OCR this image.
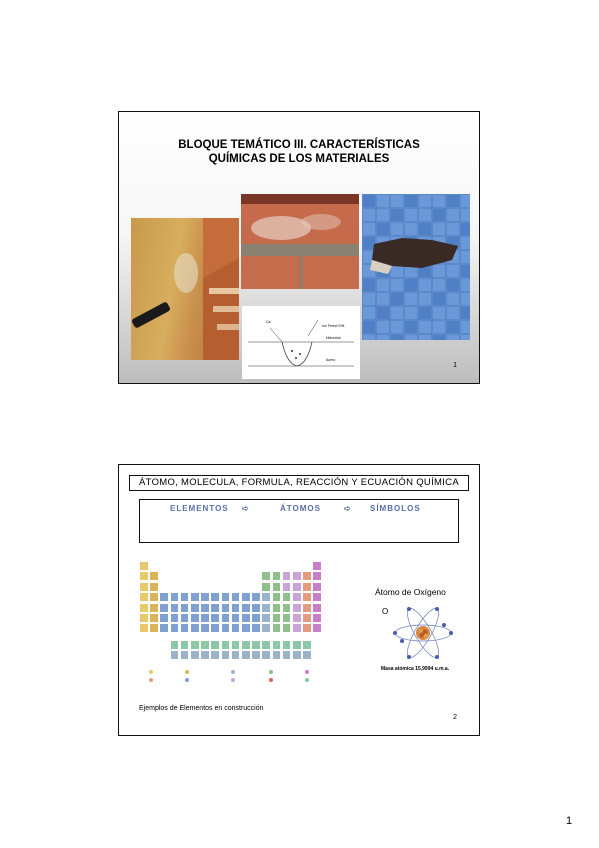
BLOQUE TEMÁTICO III. CARACTERÍSTICAS
QUÍMICAS DE LOS MATERIALES
Ca
Ion Ferrol+OH-
Hidróxido
Acero
1
ÁTOMO, MOLECULA, FORMULA, REACCIÓN Y ECUACIÓN QUÍMICA
ELEMENTOS ➪	ÁTOMOS	➪ SÍMBOLOS
Átomo de Oxígeno
O
Masa atómica 15,9994 u.m.a.
Ejemplos de Elementos en construcción
2
1
